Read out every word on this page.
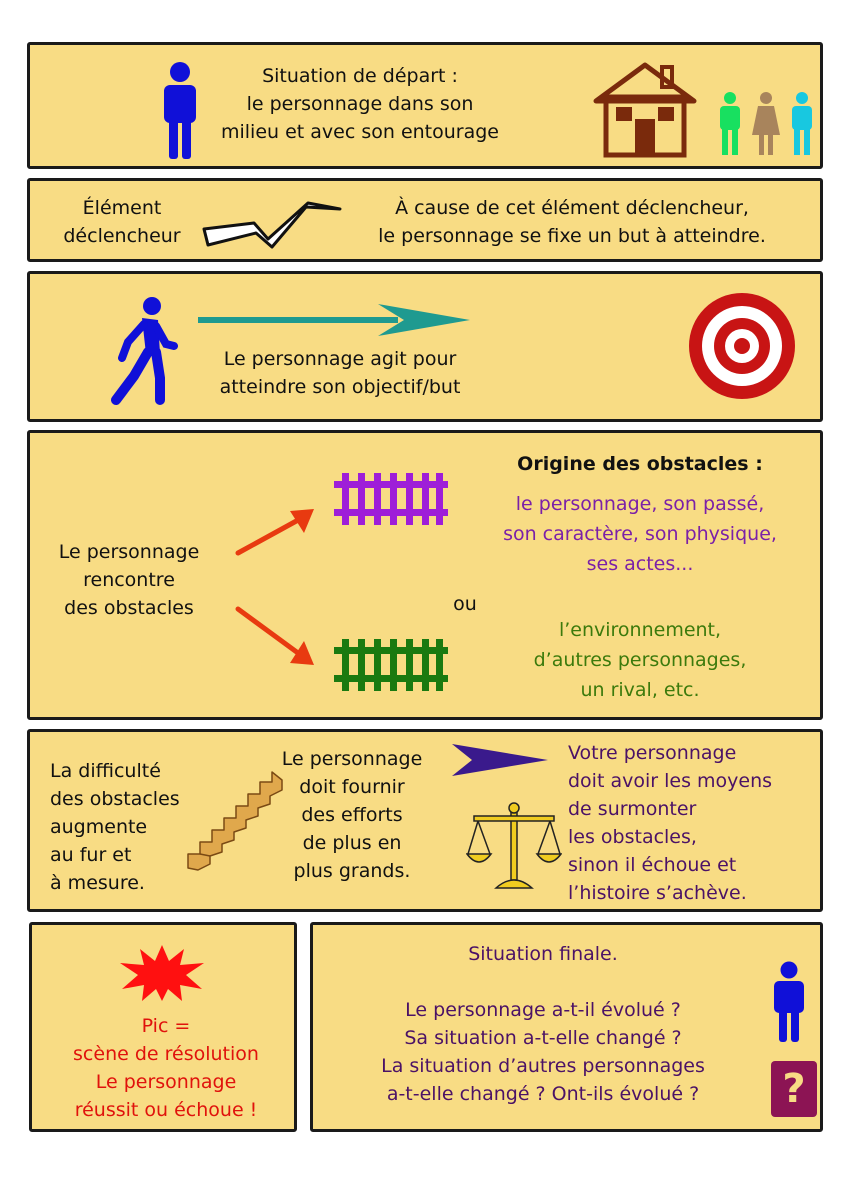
Situation de départ :
le personnage dans son
milieu et avec son entourage
Élément
déclencheur
À cause de cet élément déclencheur,
le personnage se fixe un but à atteindre.
Le personnage agit pour
atteindre son objectif/but
Le personnage
rencontre
des obstacles
Origine des obstacles :
le personnage, son passé,
son caractère, son physique,
ses actes...
ou
l’environnement,
d’autres personnages,
un rival, etc.
La difficulté
des obstacles
augmente
au fur et
à mesure.
Le personnage
doit fournir
des efforts
de plus en
plus grands.
Votre personnage
doit avoir les moyens
de surmonter
les obstacles,
sinon il échoue et
l’histoire s’achève.
Pic =
scène de résolution
Le personnage
réussit ou échoue !
Situation finale.
Le personnage a-t-il évolué ?
Sa situation a-t-elle changé ?
La situation d’autres personnages
a-t-elle changé ? Ont-ils évolué ?	?
